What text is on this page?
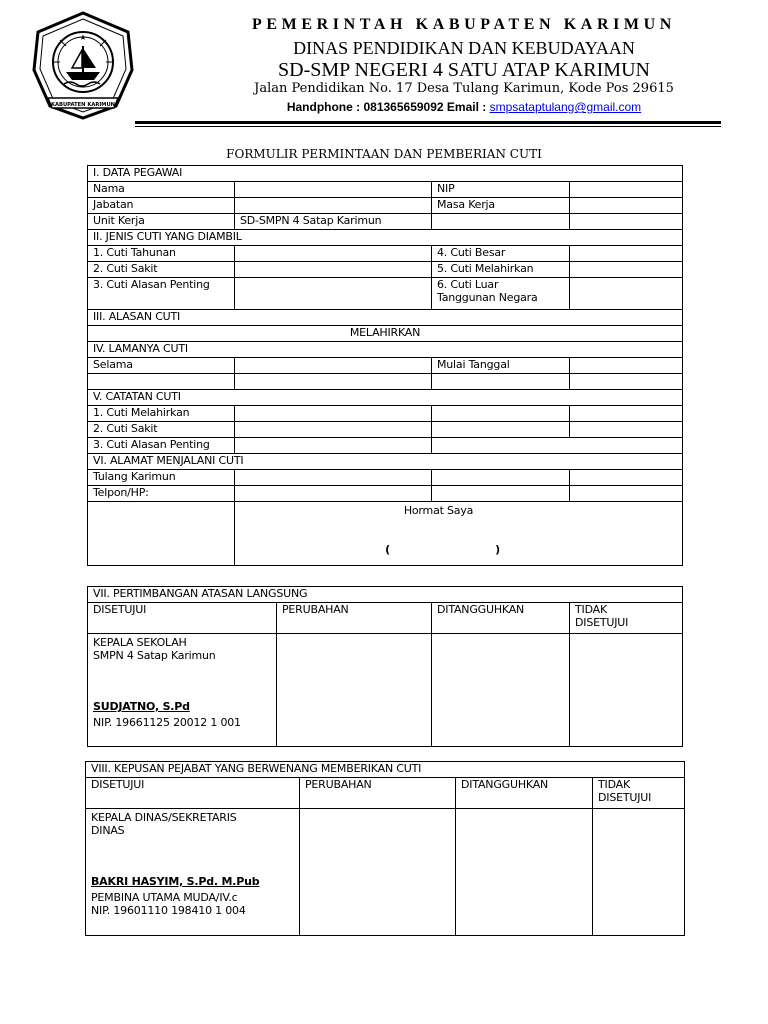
★
KABUPATEN KARIMUN
PEMERINTAH KABUPATEN KARIMUN
DINAS PENDIDIKAN DAN KEBUDAYAAN
SD-SMP NEGERI 4 SATU ATAP KARIMUN
Jalan Pendidikan No. 17 Desa Tulang Karimun, Kode Pos 29615
Handphone : 081365659092 Email : smpsataptulang@gmail.com
FORMULIR PERMINTAAN DAN PEMBERIAN CUTI
I. DATA PEGAWAI			
Nama		NIP	
Jabatan		Masa Kerja	
Unit Kerja	SD-SMPN 4 Satap Karimun		
II. JENIS CUTI YANG DIAMBIL			
1. Cuti Tahunan		4. Cuti Besar	
2. Cuti Sakit		5. Cuti Melahirkan	
3. Cuti Alasan Penting		6. Cuti Luar
Tanggunan Negara	
III. ALASAN CUTI			
MELAHIRKAN			
IV. LAMANYA CUTI			
Selama		Mulai Tanggal	

V. CATATAN CUTI			
1. Cuti Melahirkan			
2. Cuti Sakit			
3. Cuti Alasan Penting			
VI. ALAMAT MENJALANI CUTI			
Tulang Karimun			
Telpon/HP:			

	Hormat Saya
( )		
VII. PERTIMBANGAN ATASAN LANGSUNG			
DISETUJUI	PERUBAHAN	DITANGGUHKAN	TIDAK
DISETUJUI

KEPALA SEKOLAH
SMPN 4 Satap Karimun
SUDJATNO, S.Pd
NIP. 19661125 20012 1 001			

VIII. KEPUSAN PEJABAT YANG BERWENANG MEMBERIKAN CUTI			
DISETUJUI	PERUBAHAN	DITANGGUHKAN	TIDAK
DISETUJUI

KEPALA DINAS/SEKRETARIS
DINAS
BAKRI HASYIM, S.Pd. M.Pub
PEMBINA UTAMA MUDA/IV.c
NIP. 19601110 198410 1 004			
